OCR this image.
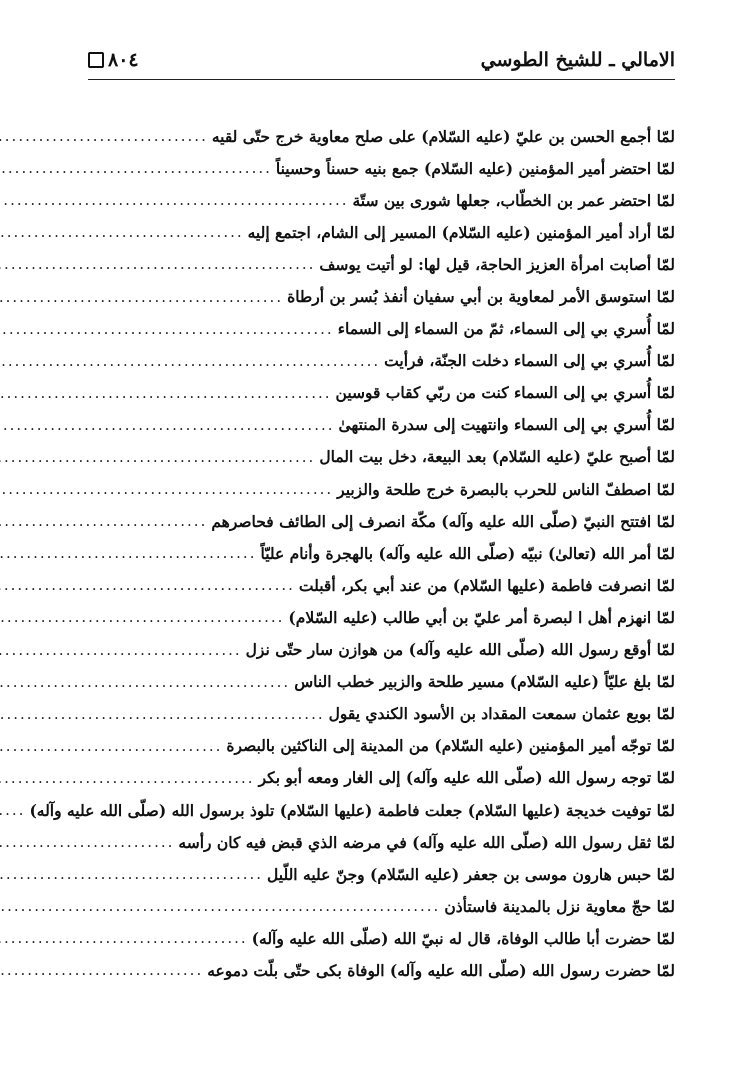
٨٠٤	الامالي ـ للشيخ الطوسي
لمّا أجمع الحسن بن عليّ (عليه السّلام) على صلح معاوية خرج حتّى لقيه
.....
لمّا احتضر أمير المؤمنين (عليه السّلام) جمع بنيه حسناً وحسيناً
.....
لمّا احتضر عمر بن الخطّاب، جعلها شورى بين ستّة
.....
لمّا أراد أمير المؤمنين (عليه السّلام) المسير إلى الشام، اجتمع إليه
.....
لمّا أصابت امرأة العزيز الحاجة، قيل لها: لو أتيت يوسف
.....
لمّا استوسق الأمر لمعاوية بن أبي سفيان أنفذ بُسر بن أرطاة
.....
لمّا أُسري بي إلى السماء، ثمّ من السماء إلى السماء
.....
لمّا أُسري بي إلى السماء دخلت الجنّة، فرأيت
.....
لمّا أُسري بي إلى السماء كنت من ربّي كقاب قوسين
.....
لمّا أُسري بي إلى السماء وانتهيت إلى سدرة المنتهىٰ
.....
لمّا أصبح عليّ (عليه السّلام) بعد البيعة، دخل بيت المال
.....
لمّا اصطفّ الناس للحرب بالبصرة خرج طلحة والزبير
.....
لمّا افتتح النبيّ (صلّى الله عليه وآله) مكّة انصرف إلى الطائف فحاصرهم
.....
لمّا أمر الله (تعالىٰ) نبيّه (صلّى الله عليه وآله) بالهجرة وأنام عليّاً
.....
لمّا انصرفت فاطمة (عليها السّلام) من عند أبي بكر، أقبلت
.....
لمّا انهزم أهل ا لبصرة أمر عليّ بن أبي طالب (عليه السّلام)
.....
لمّا أوقع رسول الله (صلّى الله عليه وآله) من هوازن سار حتّى نزل
.....
لمّا بلغ عليّاً (عليه السّلام) مسير طلحة والزبير خطب الناس
.....
لمّا بويع عثمان سمعت المقداد بن الأسود الكندي يقول
.....
لمّا توجّه أمير المؤمنين (عليه السّلام) من المدينة إلى الناكثين بالبصرة
.....
لمّا توجه رسول الله (صلّى الله عليه وآله) إلى الغار ومعه أبو بكر
.....
لمّا توفيت خديجة (عليها السّلام) جعلت فاطمة (عليها السّلام) تلوذ برسول الله (صلّى الله عليه وآله)
.....
لمّا ثقل رسول الله (صلّى الله عليه وآله) في مرضه الذي قبض فيه كان رأسه
.....
لمّا حبس هارون موسى بن جعفر (عليه السّلام) وجنّ عليه اللّيل
.....
لمّا حجّ معاوية نزل بالمدينة فاستأذن
.....
لمّا حضرت أبا طالب الوفاة، قال له نبيّ الله (صلّى الله عليه وآله)
.....
لمّا حضرت رسول الله (صلّى الله عليه وآله) الوفاة بكى حتّى بلّت دموعه
.....
